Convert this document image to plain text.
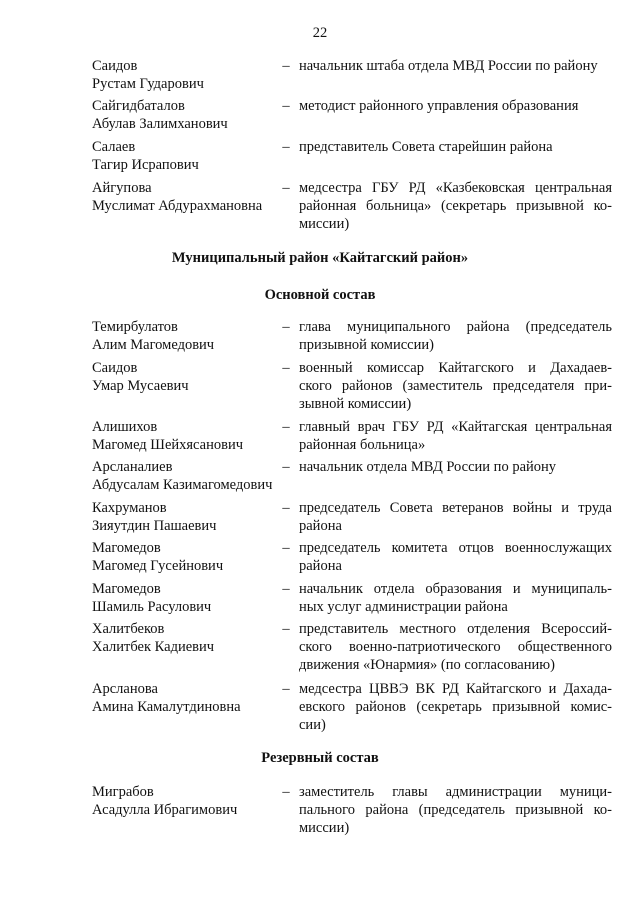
22
Саидов
Рустам Гударович
– начальник штаба отдела МВД России по району
Сайгидбаталов
Абулав Залимханович
– методист районного управления образования
Салаев
Тагир Исрапович
– представитель Совета старейшин района
Айгупова
Муслимат Абдурахмановна
– медсестра ГБУ РД «Казбековская центральная
районная больница» (секретарь призывной ко-
миссии)
Муниципальный район «Кайтагский район»
Основной состав
Темирбулатов
Алим Магомедович
– глава муниципального района (председатель
призывной комиссии)
Саидов
Умар Мусаевич
– военный комиссар Кайтагского и Дахадаев-
ского районов (заместитель председателя при-
зывной комиссии)
Алишихов
Магомед Шейхясанович
– главный врач ГБУ РД «Кайтагская центральная
районная больница»
Арсланалиев
Абдусалам Казимагомедович
– начальник отдела МВД России по району
Кахруманов
Зияутдин Пашаевич
– председатель Совета ветеранов войны и труда
района
Магомедов
Магомед Гусейнович
– председатель комитета отцов военнослужащих
района
Магомедов
Шамиль Расулович
– начальник отдела образования и муниципаль-
ных услуг администрации района
Халитбеков
Халитбек Кадиевич
– представитель местного отделения Всероссий-
ского военно-патриотического общественного
движения «Юнармия» (по согласованию)
Арсланова
Амина Камалутдиновна
– медсестра ЦВВЭ ВК РД Кайтагского и Дахада-
евского районов (секретарь призывной комис-
сии)
Резервный состав
Миграбов
Асадулла Ибрагимович
– заместитель главы администрации муници-
пального района (председатель призывной ко-
миссии)
